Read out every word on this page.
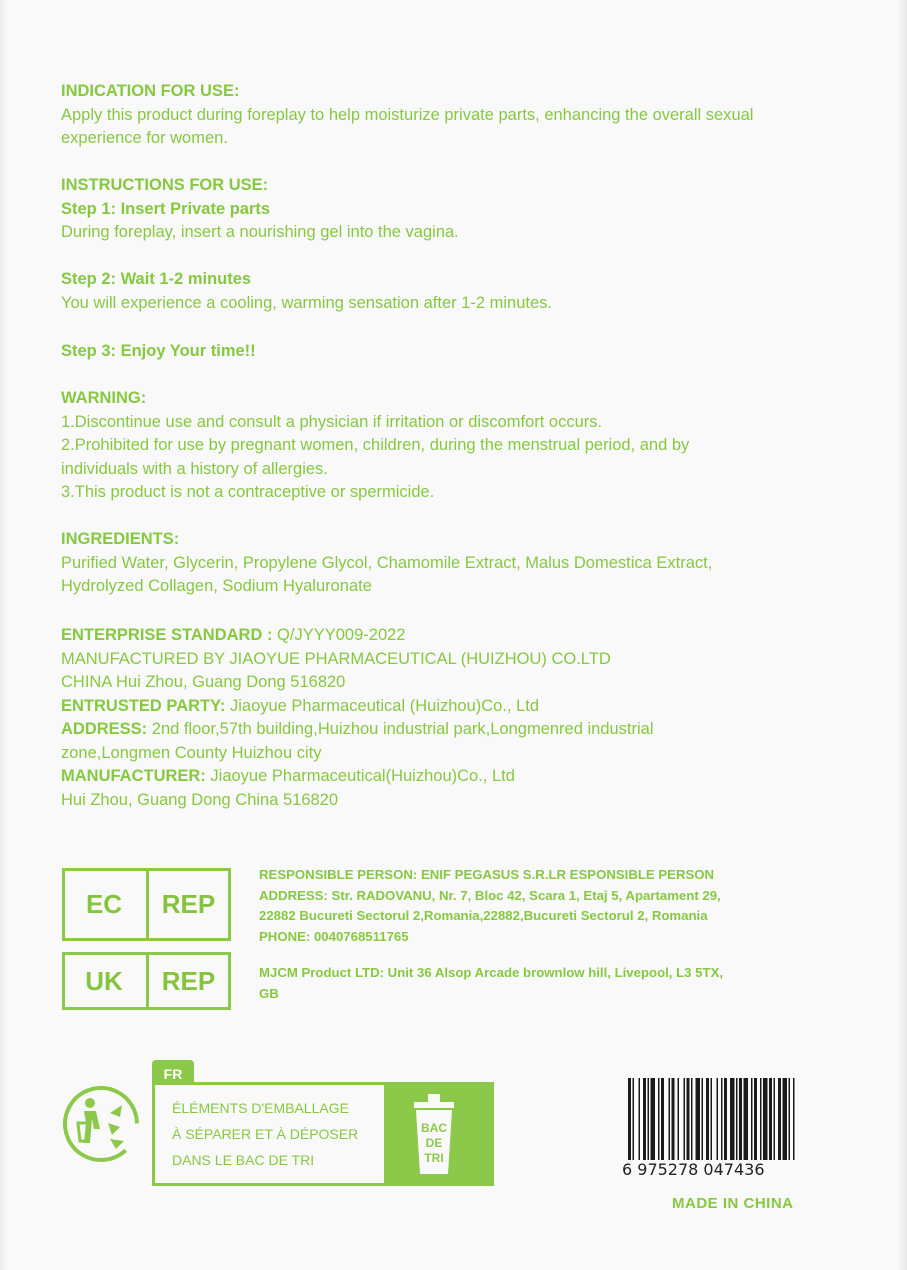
INDICATION FOR USE:
Apply this product during foreplay to help moisturize private parts, enhancing the overall sexual
experience for women.
INSTRUCTIONS FOR USE:
Step 1: Insert Private parts
During foreplay, insert a nourishing gel into the vagina.
Step 2: Wait 1-2 minutes
You will experience a cooling, warming sensation after 1-2 minutes.
Step 3: Enjoy Your time!!
WARNING:
1.Discontinue use and consult a physician if irritation or discomfort occurs.
2.Prohibited for use by pregnant women, children, during the menstrual period, and by
individuals with a history of allergies.
3.This product is not a contraceptive or spermicide.
INGREDIENTS:
Purified Water, Glycerin, Propylene Glycol, Chamomile Extract, Malus Domestica Extract,
Hydrolyzed Collagen, Sodium Hyaluronate
ENTERPRISE STANDARD : Q/JYYY009-2022
MANUFACTURED BY JIAOYUE PHARMACEUTICAL (HUIZHOU) CO.LTD
CHINA Hui Zhou, Guang Dong 516820
ENTRUSTED PARTY: Jiaoyue Pharmaceutical (Huizhou)Co., Ltd
ADDRESS: 2nd floor,57th building,Huizhou industrial park,Longmenred industrial
zone,Longmen County Huizhou city
MANUFACTURER: Jiaoyue Pharmaceutical(Huizhou)Co., Ltd
Hui Zhou, Guang Dong China 516820
EC	REP
RESPONSIBLE PERSON: ENIF PEGASUS S.R.LR ESPONSIBLE PERSON
ADDRESS: Str. RADOVANU, Nr. 7, Bloc 42, Scara 1, Etaj 5, Apartament 29,
22882 Bucureti Sectorul 2,Romania,22882,Bucureti Sectorul 2, Romania
PHONE: 0040768511765
UK	REP	MJCM Product LTD: Unit 36 Alsop Arcade brownlow hill, Livepool, L3 5TX,
GB
FR
ÉLÉMENTS D'EMBALLAGE
À SÉPARER ET À DÉPOSER
DANS LE BAC DE TRI
BAC
DE
TRI
6 975278 047436
MADE IN CHINA
